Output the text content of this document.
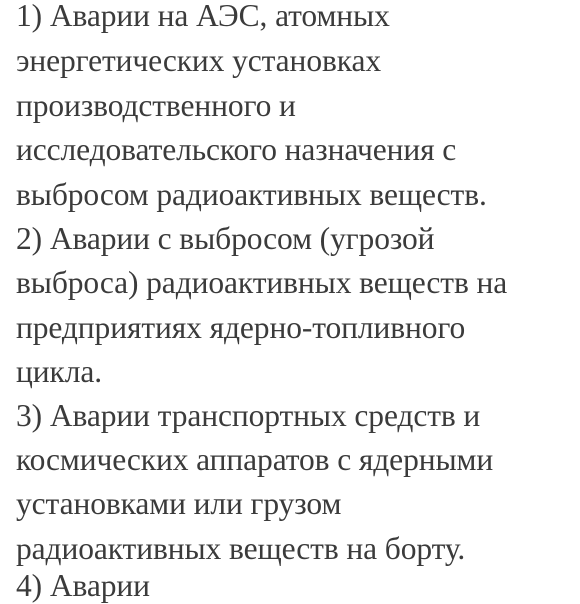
1) Аварии на АЭС, атомных
энергетических установках
производственного и
исследовательского назначения с
выбросом радиоактивных веществ.
2) Аварии с выбросом (угрозой
выброса) радиоактивных веществ на
предприятиях ядерно-топливного
цикла.
3) Аварии транспортных средств и
космических аппаратов с ядерными
установками или грузом
радиоактивных веществ на борту.
4) Аварии
